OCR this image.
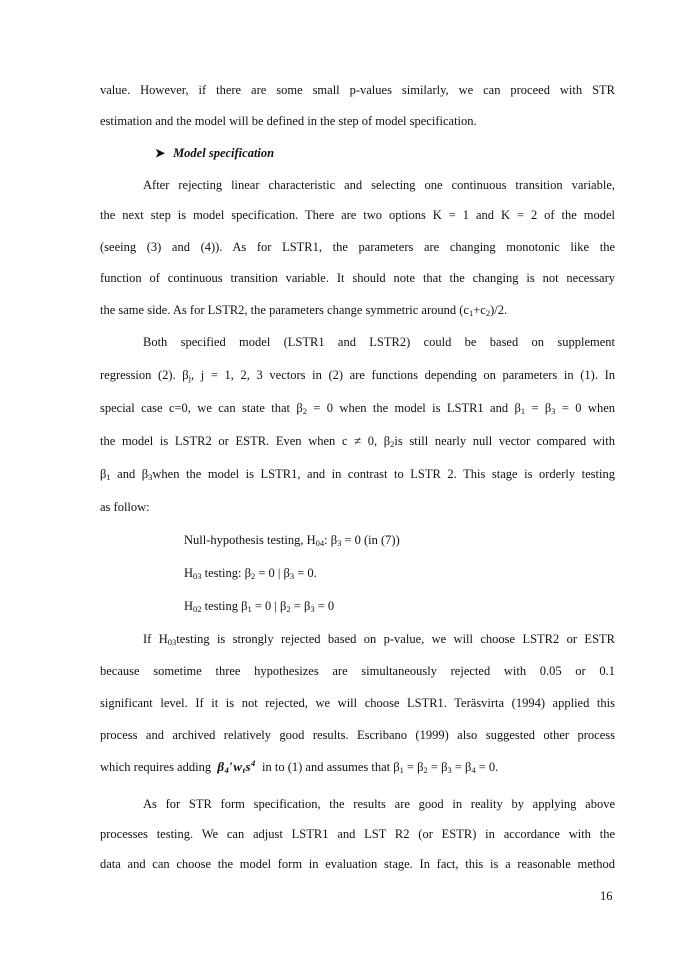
value. However, if there are some small p-values similarly, we can proceed with STR
estimation and the model will be defined in the step of model specification.
➤ Model specification
After rejecting linear characteristic and selecting one continuous transition variable,
the next step is model specification. There are two options K = 1 and K = 2 of the model
(seeing (3) and (4)). As for LSTR1, the parameters are changing monotonic like the
function of continuous transition variable. It should note that the changing is not necessary
the same side. As for LSTR2, the parameters change symmetric around $(c_1+c_2)/2$.
Both specified model (LSTR1 and LSTR2) could be based on supplement
regression (2). $\beta_j$, j = 1, 2, 3 vectors in (2) are functions depending on parameters in (1). In
special case c=0, we can state that $\beta_2 = 0$ when the model is LSTR1 and $\beta_1 = \beta_3 = 0$ when
the model is LSTR2 or ESTR. Even when c ≠ 0, $\beta_2is$ still nearly null vector compared with
$\beta_1$ and $\beta_3when$ the model is LSTR1, and in contrast to LSTR 2. This stage is orderly testing
as follow:
Null-hypothesis testing, $H_{04}$: $\beta_3 = 0$ (in (7))
$H_{03}$ testing: $\beta_2 = 0$ | $\beta_3 = 0$.
$H_{02}$ testing $\beta_1 = 0$ | $\beta_2 = \beta_3 = 0$
If $H_{03}testing$ is strongly rejected based on p-value, we will choose LSTR2 or ESTR
because sometime three hypothesizes are simultaneously rejected with 0.05 or 0.1
significant level. If it is not rejected, we will choose LSTR1. Teräsvirta (1994) applied this
process and archived relatively good results. Escribano (1999) also suggested other process
which requires adding $\beta_4'w_ts^4$ in to (1) and assumes that $\beta_1 = \beta_2 = \beta_3 = \beta_4 = 0$.
As for STR form specification, the results are good in reality by applying above
processes testing. We can adjust LSTR1 and LST R2 (or ESTR) in accordance with the
data and can choose the model form in evaluation stage. In fact, this is a reasonable method
16
